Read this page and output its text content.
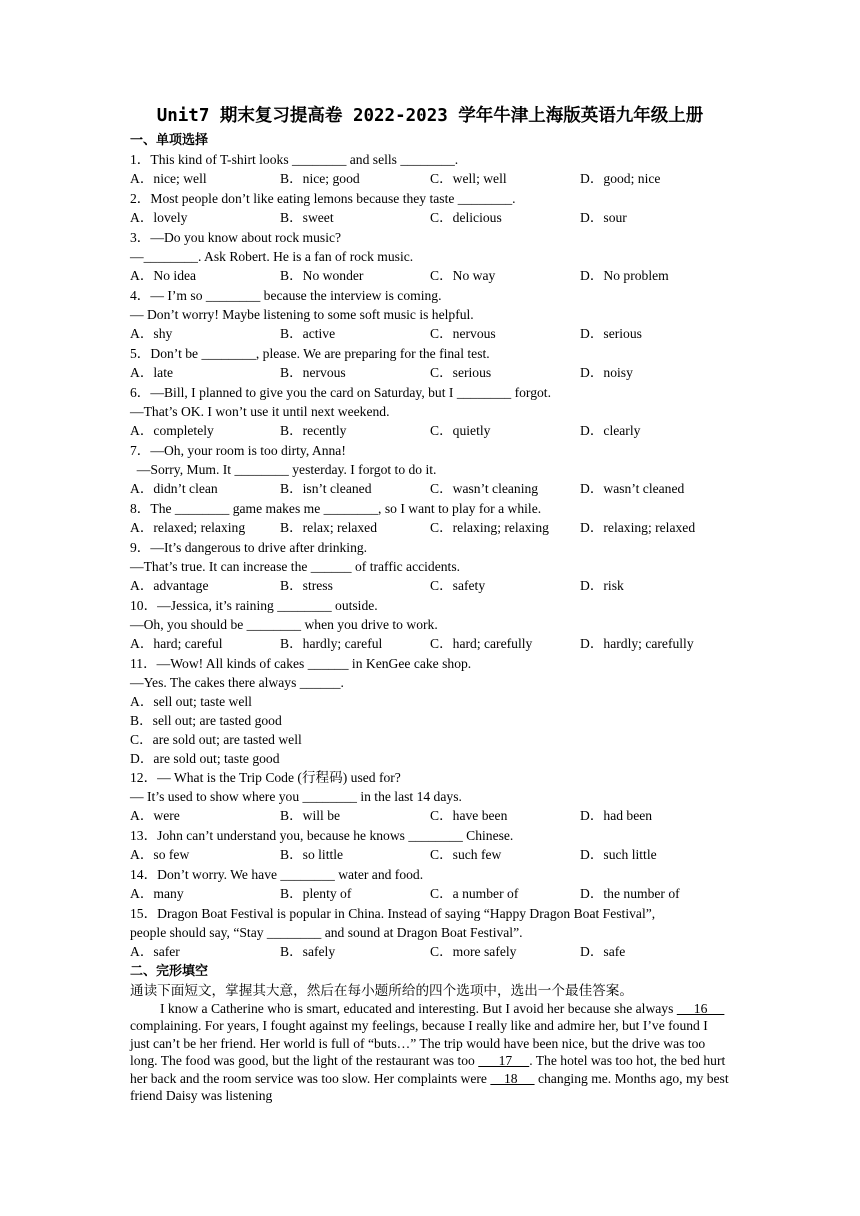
Unit7 期末复习提高卷 2022-2023 学年牛津上海版英语九年级上册
一、单项选择
1．This kind of T-shirt looks ________ and sells ________.
A．nice; well	B．nice; good	C．well; well	D．good; nice
2．Most people don’t like eating lemons because they taste ________.
A．lovely	B．sweet	C．delicious	D．sour
3．—Do you know about rock music?
—________. Ask Robert. He is a fan of rock music.
A．No idea	B．No wonder	C．No way	D．No problem
4．— I’m so ________ because the interview is coming.
— Don’t worry! Maybe listening to some soft music is helpful.
A．shy	B．active	C．nervous	D．serious
5．Don’t be ________, please. We are preparing for the final test.
A．late	B．nervous	C．serious	D．noisy
6．—Bill, I planned to give you the card on Saturday, but I ________ forgot.
—That’s OK. I won’t use it until next weekend.
A．completely	B．recently	C．quietly	D．clearly
7．—Oh, your room is too dirty, Anna!
—Sorry, Mum. It ________ yesterday. I forgot to do it.
A．didn’t clean	B．isn’t cleaned	C．wasn’t cleaning	D．wasn’t cleaned
8．The ________ game makes me ________, so I want to play for a while.
A．relaxed; relaxing	B．relax; relaxed	C．relaxing; relaxing D．relaxing; relaxed
9．—It’s dangerous to drive after drinking.
—That’s true. It can increase the ______ of traffic accidents.
A．advantage	B．stress	C．safety	D．risk
10．—Jessica, it’s raining ________ outside.
—Oh, you should be ________ when you drive to work.
A．hard; careful	B．hardly; careful	C．hard; carefully	D．hardly; carefully
11．—Wow! All kinds of cakes ______ in KenGee cake shop.
—Yes. The cakes there always ______.
A．sell out; taste well
B．sell out; are tasted good
C．are sold out; are tasted well
D．are sold out; taste good
12．— What is the Trip Code (行程码) used for?
— It’s used to show where you ________ in the last 14 days.
A．were	B．will be	C．have been	D．had been
13．John can’t understand you, because he knows ________ Chinese.
A．so few	B．so little	C．such few	D．such little
14．Don’t worry. We have ________ water and food.
A．many	B．plenty of	C．a number of	D．the number of
15．Dragon Boat Festival is popular in China. Instead of saying “Happy Dragon Boat Festival”,
people should say, “Stay ________ and sound at Dragon Boat Festival”.
A．safer	B．safely	C．more safely	D．safe
二、完形填空
通读下面短文，掌握其大意，然后在每小题所给的四个选项中，选出一个最佳答案。
I know a Catherine who is smart, educated and interesting. But I avoid her because she always      16      complaining. For years, I fought against my feelings, because I really like and admire her, but I’ve found I just can’t be her friend. Her world is full of “buts…” The trip would have been nice, but the drive was too long. The food was good, but the light of the restaurant was too       17     . The hotel was too hot, the bed hurt her back and the room service was too slow. Her complaints were     18      changing me. Months ago, my best friend Daisy was listening
